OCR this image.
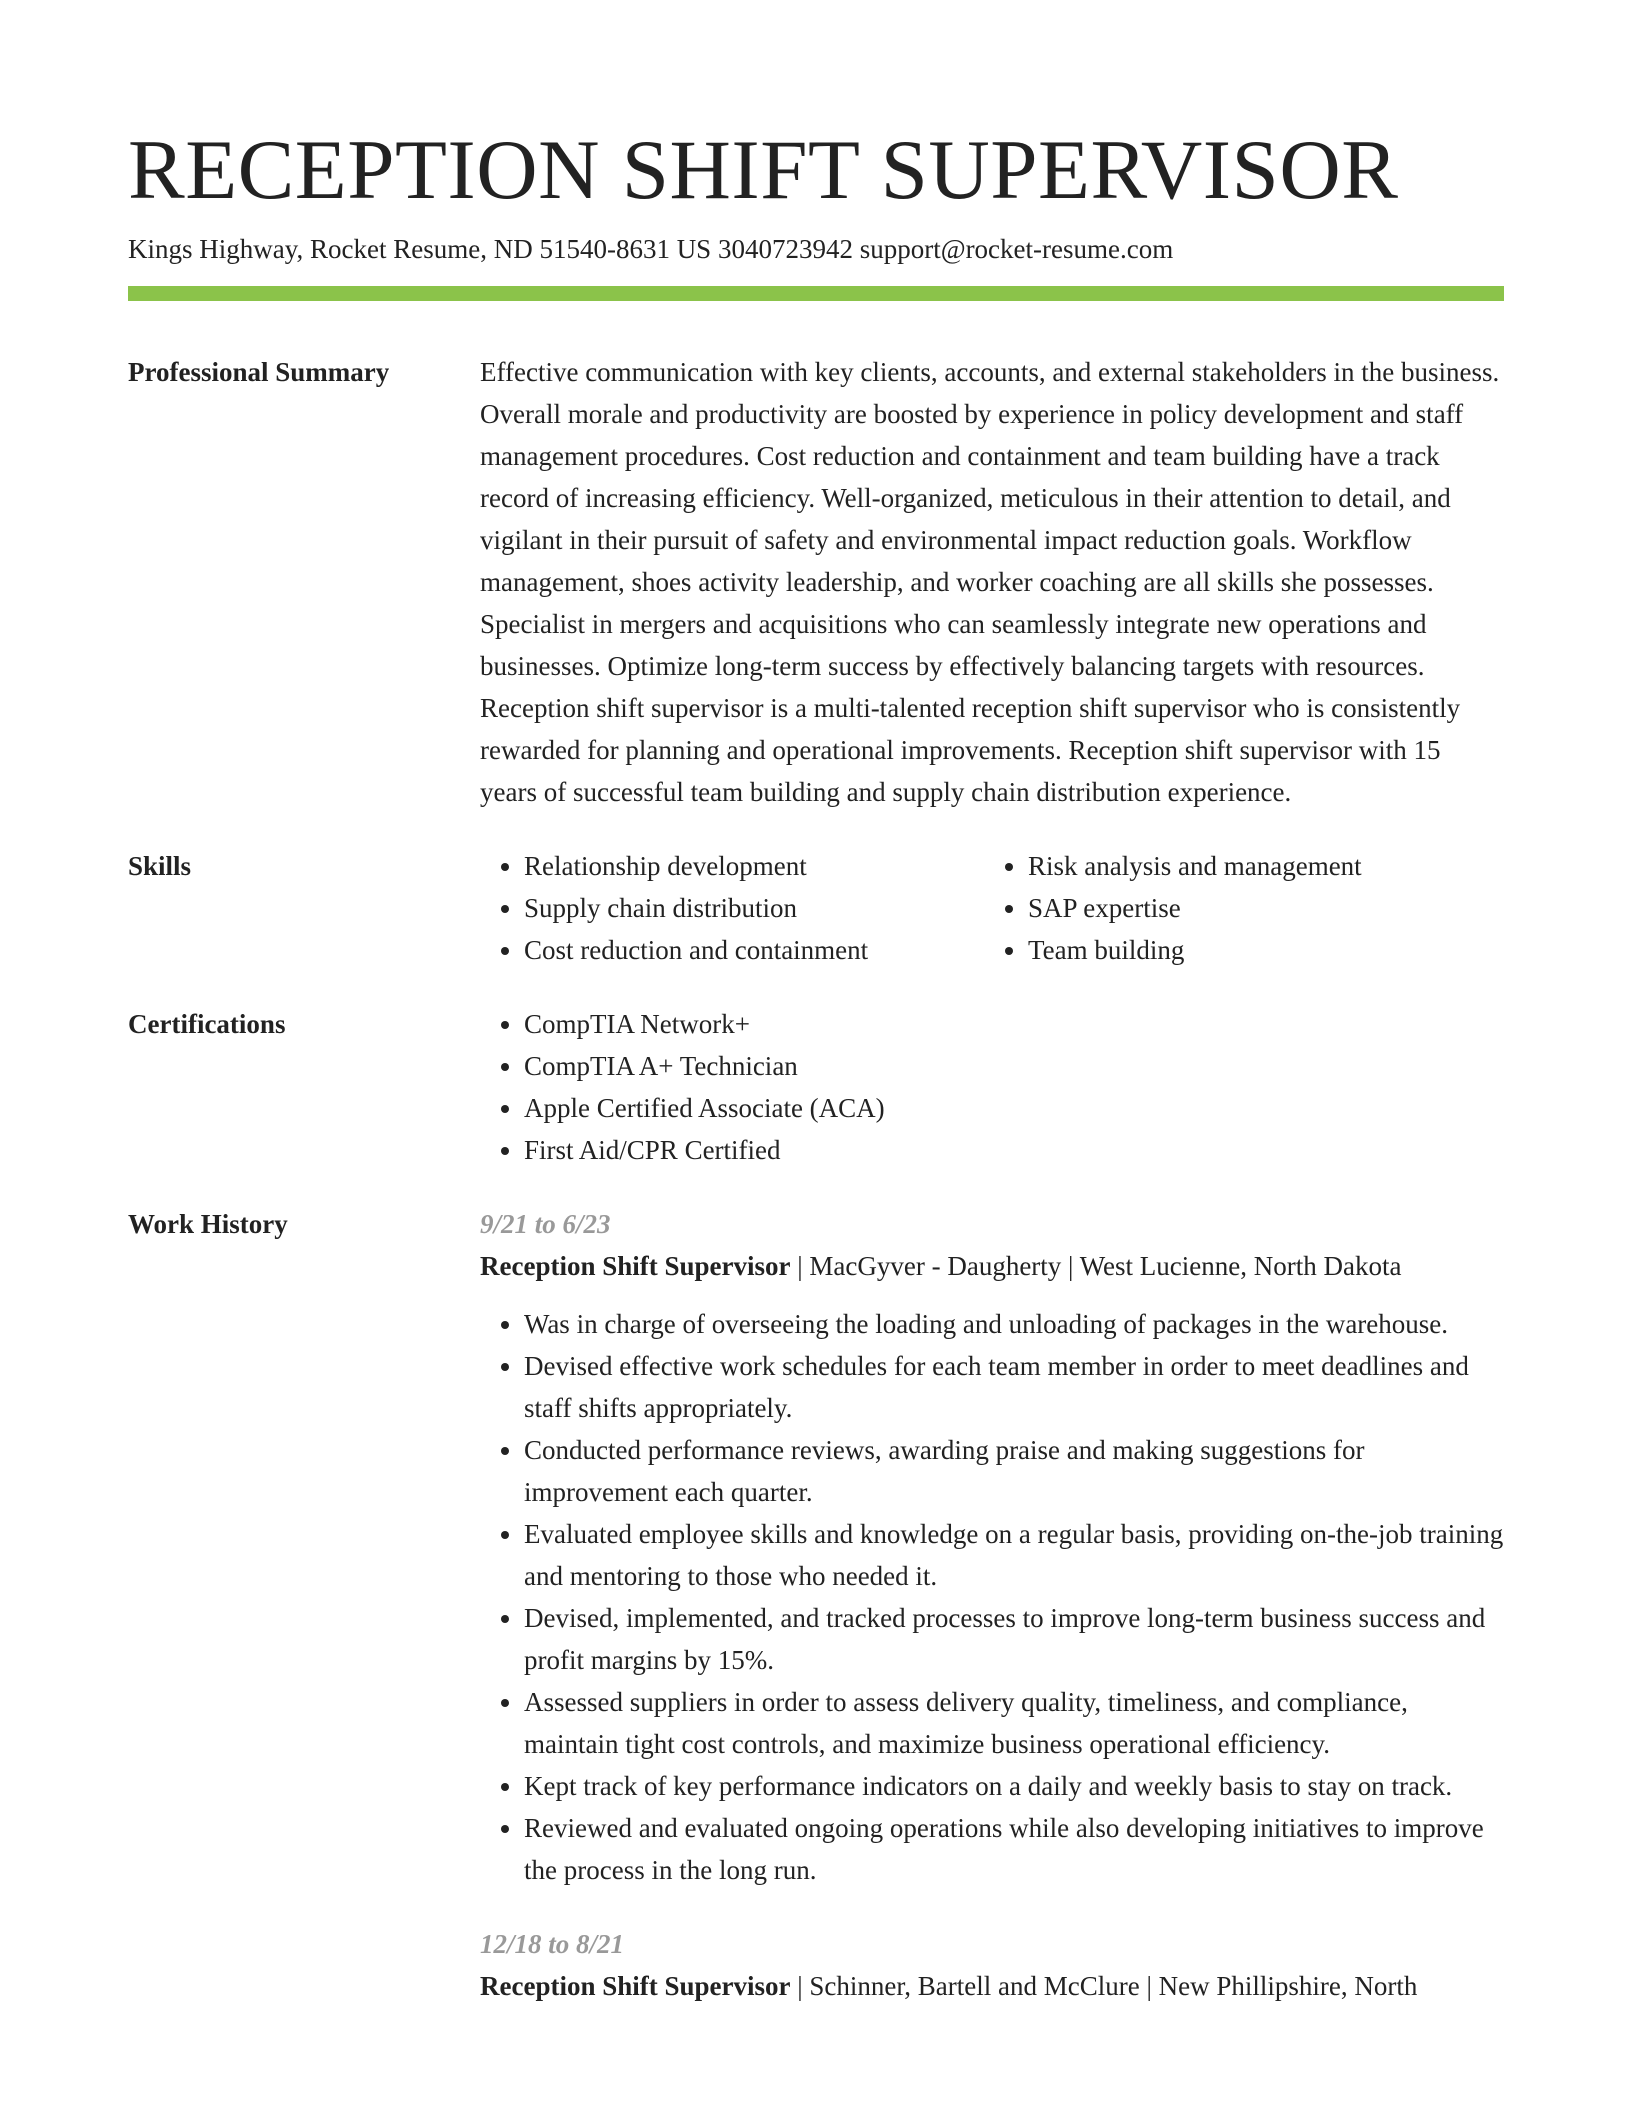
RECEPTION SHIFT SUPERVISOR
Kings Highway, Rocket Resume, ND 51540-8631 US 3040723942 support@rocket-resume.com
Professional Summary	Effective communication with key clients, accounts, and external stakeholders in the business. Overall morale and productivity are boosted by experience in policy development and staff management procedures. Cost reduction and containment and team building have a track record of increasing efficiency. Well-organized, meticulous in their attention to detail, and vigilant in their pursuit of safety and environmental impact reduction goals. Workflow management, shoes activity leadership, and worker coaching are all skills she possesses. Specialist in mergers and acquisitions who can seamlessly integrate new operations and businesses. Optimize long-term success by effectively balancing targets with resources. Reception shift supervisor is a multi-talented reception shift supervisor who is consistently rewarded for planning and operational improvements. Reception shift supervisor with 15 years of successful team building and supply chain distribution experience.
Skills	• Relationship development
• Supply chain distribution
• Cost reduction and containment
• Risk analysis and management
• SAP expertise
• Team building
Certifications	• CompTIA Network+
• CompTIA A+ Technician
• Apple Certified Associate (ACA)
• First Aid/CPR Certified
Work History	9/21 to 6/23
Reception Shift Supervisor | MacGyver - Daugherty | West Lucienne, North Dakota
• Was in charge of overseeing the loading and unloading of packages in the warehouse.
• Devised effective work schedules for each team member in order to meet deadlines and staff shifts appropriately.
• Conducted performance reviews, awarding praise and making suggestions for improvement each quarter.
• Evaluated employee skills and knowledge on a regular basis, providing on-the-job training and mentoring to those who needed it.
• Devised, implemented, and tracked processes to improve long-term business success and profit margins by 15%.
• Assessed suppliers in order to assess delivery quality, timeliness, and compliance, maintain tight cost controls, and maximize business operational efficiency.
• Kept track of key performance indicators on a daily and weekly basis to stay on track.
• Reviewed and evaluated ongoing operations while also developing initiatives to improve the process in the long run.
12/18 to 8/21
Reception Shift Supervisor | Schinner, Bartell and McClure | New Phillipshire, North
